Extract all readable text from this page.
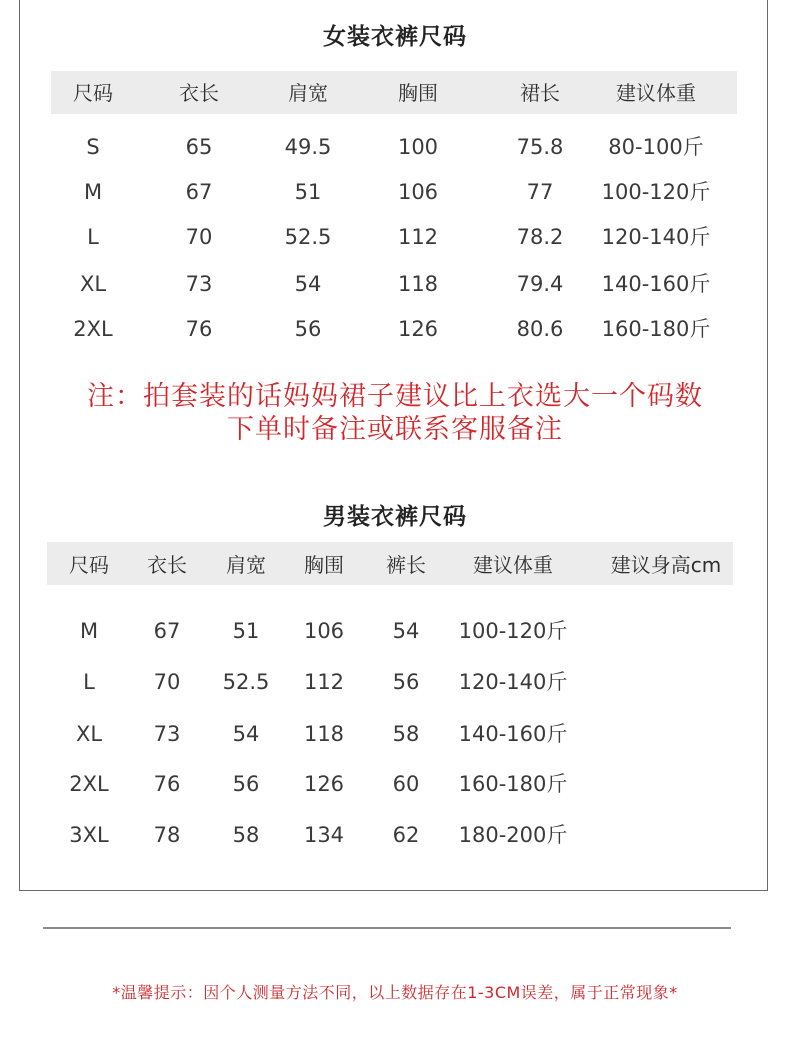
女装衣裤尺码
尺码	衣长	肩宽	胸围	裙长	建议体重
S	65	49.5	100	75.8 80-100斤
M	67	51	106	77 100-120斤
L	70	52.5	112	78.2 120-140斤
XL	73	54	118	79.4 140-160斤
2XL	76	56	126	80.6 160-180斤
注：拍套装的话妈妈裙子建议比上衣选大一个码数
下单时备注或联系客服备注
男装衣裤尺码
尺码 衣长 肩宽 胸围 裤长 建议体重	建议身高cm
M	67 51 106 54 100-120斤
L	70 52.5 112 56 120-140斤
XL 73 54 118 58 140-160斤
2XL 76 56 126 60 160-180斤
3XL 78 58 134 62 180-200斤
*温馨提示：因个人测量方法不同，以上数据存在1-3CM误差，属于正常现象*
